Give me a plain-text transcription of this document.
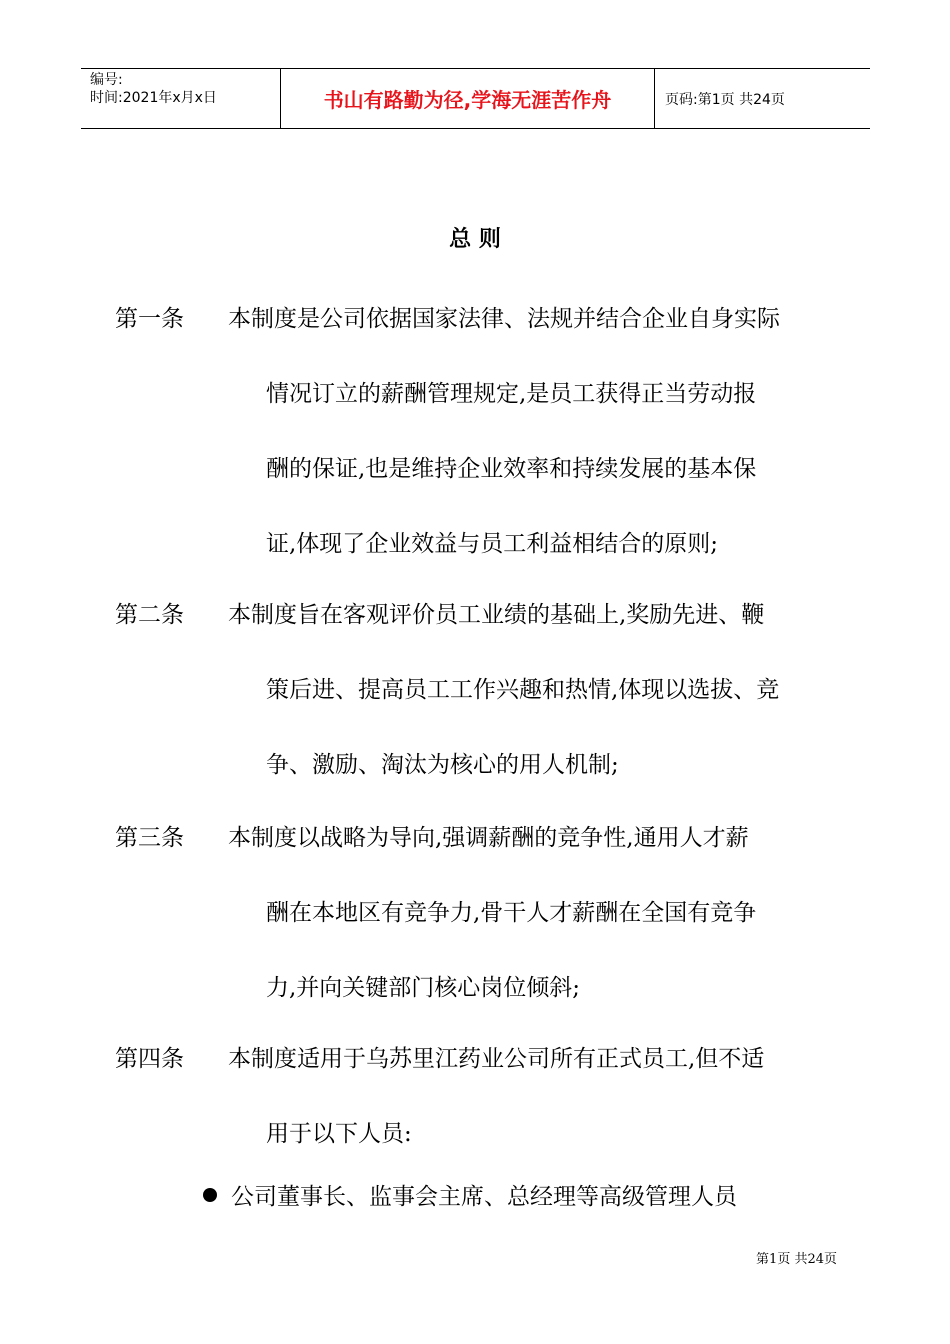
编号:
时间:2021年x月x日	书山有路勤为径,学海无涯苦作舟	页码:第1页 共24页
总 则
第一条 本制度是公司依据国家法律、法规并结合企业自身实际
情况订立的薪酬管理规定,是员工获得正当劳动报
酬的保证,也是维持企业效率和持续发展的基本保
证,体现了企业效益与员工利益相结合的原则;
第二条 本制度旨在客观评价员工业绩的基础上,奖励先进、鞭
策后进、提高员工工作兴趣和热情,体现以选拔、竞
争、激励、淘汰为核心的用人机制;
第三条 本制度以战略为导向,强调薪酬的竞争性,通用人才薪
酬在本地区有竞争力,骨干人才薪酬在全国有竞争
力,并向关键部门核心岗位倾斜;
第四条 本制度适用于乌苏里江药业公司所有正式员工,但不适
用于以下人员:
公司董事长、监事会主席、总经理等高级管理人员
第1页 共24页
